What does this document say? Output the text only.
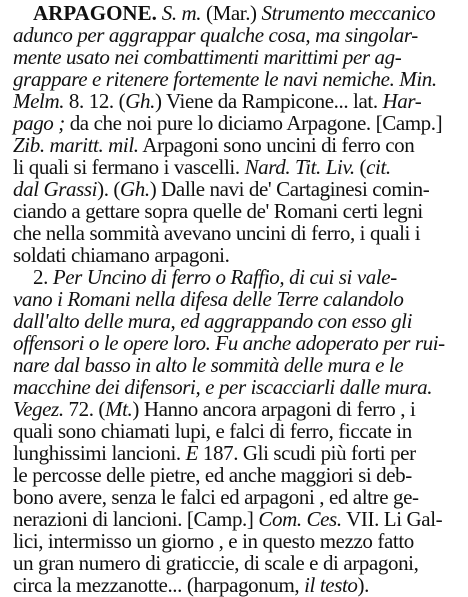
ARPAGONE. S. m. (Mar.) Strumento meccanico
adunco per aggrappar qualche cosa, ma singolar-
mente usato nei combattimenti marittimi per ag-
grappare e ritenere fortemente le navi nemiche. Min.
Melm. 8. 12. (Gh.) Viene da Rampicone... lat. Har-
pago ; da che noi pure lo diciamo Arpagone. [Camp.]
Zib. maritt. mil. Arpagoni sono uncini di ferro con
li quali si fermano i vascelli. Nard. Tit. Liv. (cit.
dal Grassi). (Gh.) Dalle navi de' Cartaginesi comin-
ciando a gettare sopra quelle de' Romani certi legni
che nella sommità avevano uncini di ferro, i quali i
soldati chiamano arpagoni.
2. Per Uncino di ferro o Raffio, di cui si vale-
vano i Romani nella difesa delle Terre calandolo
dall'alto delle mura, ed aggrappando con esso gli
offensori o le opere loro. Fu anche adoperato per rui-
nare dal basso in alto le sommità delle mura e le
macchine dei difensori, e per iscacciarli dalle mura.
Vegez. 72. (Mt.) Hanno ancora arpagoni di ferro , i
quali sono chiamati lupi, e falci di ferro, ficcate in
lunghissimi lancioni. E 187. Gli scudi più forti per
le percosse delle pietre, ed anche maggiori si deb-
bono avere, senza le falci ed arpagoni , ed altre ge-
nerazioni di lancioni. [Camp.] Com. Ces. VII. Li Gal-
lici, intermisso un giorno , e in questo mezzo fatto
un gran numero di graticcie, di scale e di arpagoni,
circa la mezzanotte... (harpagonum, il testo).
